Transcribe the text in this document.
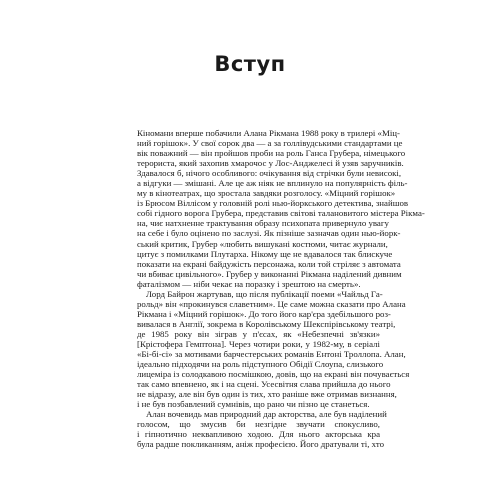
Вступ
Кіномани вперше побачили Алана Рікмана 1988 року в трилері «Міц-
ний горішок». У свої сорок два — а за голлівудськими стандартами це
вік поважний — він пройшов проби на роль Ганса Грубера, німецького
терориста, який захопив хмарочос у Лос-Анджелесі й узяв заручників.
Здавалося б, нічого особливого: очікування від стрічки були невисокі,
а відгуки — змішані. Але це аж ніяк не вплинуло на популярність філь-
му в кінотеатрах, що зростала завдяки розголосу. «Міцний горішок»
із Брюсом Віллісом у головній ролі нью-йоркського детектива, знайшов
собі гідного ворога Грубера, представив світові талановитого містера Рікма-
на, чиє натхненне трактування образу психопата привернуло увагу
на себе і було оцінено по заслузі. Як пізніше зазначав один нью-йорк-
ський критик, Грубер «любить вишукані костюми, читає журнали,
цитує з помилками Плутарха. Нікому ще не вдавалося так блискуче
показати на екрані байдужість персонажа, коли той стріляє з автомата
чи вбиває цивільного». Грубер у виконанні Рікмана наділений дивним
фаталізмом — ніби чекає на поразку і зрештою на смерть».
Лорд Байрон жартував, що після публікації поеми «Чайльд Га-
рольд» він «прокинувся славетним». Це саме можна сказати про Алана
Рікмана і «Міцний горішок». До того його кар'єра здебільшого роз-
вивалася в Англії, зокрема в Королівському Шекспірівському театрі,
де 1985 року він зіграв у п'єсах, як «Небезпечні зв'язки»
[Крістофера Гемптона]. Через чотири роки, у 1982-му, в серіалі
«Бі-бі-сі» за мотивами барчестерських романів Ентоні Троллопа. Алан,
ідеально підходячи на роль підступного Обідії Слоупа, слизького
лицеміра із солодкавою посмішкою, довів, що на екрані він почувається
так само впевнено, як і на сцені. Усесвітня слава прийшла до нього
не відразу, але він був один із тих, хто раніше вже отримав визнання,
і не був позбавлений сумнівів, що рано чи пізно це станеться.
Алан вочевидь мав природний дар акторства, але був наділений
голосом, що змусив би незгідне звучати спокусливо,
і гіпнотично неквапливою ходою. Для нього акторська кра
була радше покликанням, аніж професією. Його дратували ті, хто
